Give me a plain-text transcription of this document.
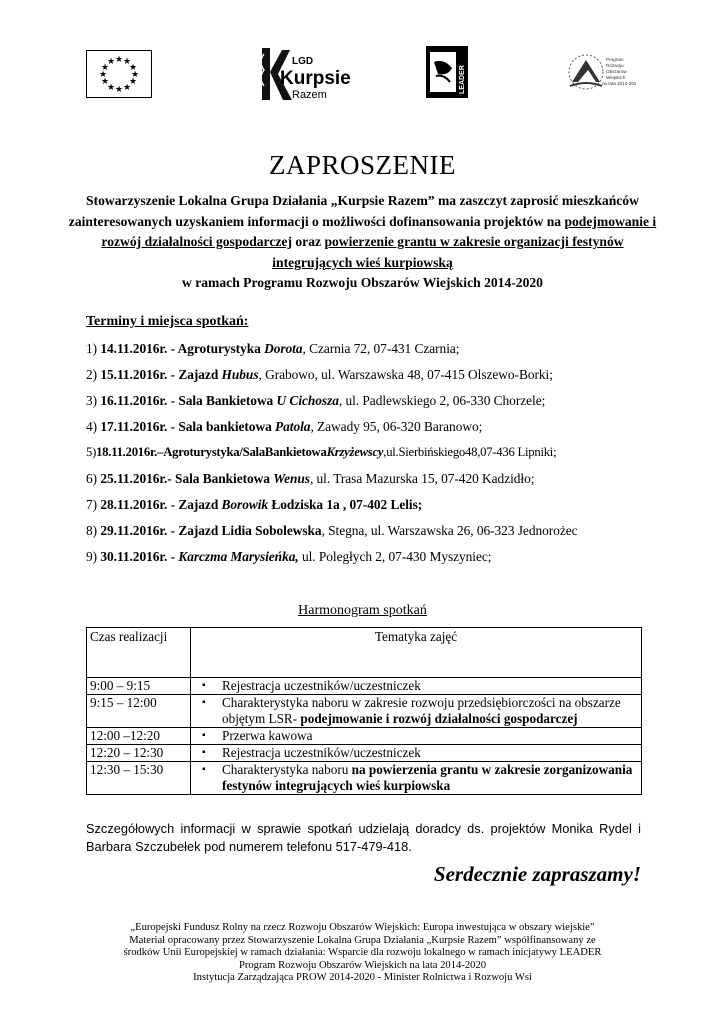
★ ★
★
★
★
★
★
★
★
★
★
★	LGD
Kurpsie
Razem
LEADER
Program
Rozwoju
Obszarów
Wiejskich
na lata 2014-2020
ZAPROSZENIE

Stowarzyszenie Lokalna Grupa Działania „Kurpsie Razem” ma zaszczyt zaprosić mieszkańców zainteresowanych uzyskaniem informacji o możliwości dofinansowania projektów na podejmowanie i rozwój działalności gospodarczej oraz powierzenie grantu w zakresie organizacji festynów integrujących wieś kurpiowską
w ramach Programu Rozwoju Obszarów Wiejskich 2014-2020

Terminy i miejsca spotkań:

1) 14.11.2016r. - Agroturystyka Dorota, Czarnia 72, 07-431 Czarnia;
2) 15.11.2016r. - Zajazd Hubus, Grabowo, ul. Warszawska 48, 07-415 Olszewo-Borki;
3) 16.11.2016r. - Sala Bankietowa U Cichosza, ul. Padlewskiego 2, 06-330 Chorzele;
4) 17.11.2016r. - Sala bankietowa Patola, Zawady 95, 06-320 Baranowo;
5)18.11.2016r.–Agroturystyka/SalaBankietowaKrzyżewscy,ul.Sierbińskiego48,07-436 Lipniki;
6) 25.11.2016r.- Sala Bankietowa Wenus, ul. Trasa Mazurska 15, 07-420 Kadzidło;
7) 28.11.2016r. - Zajazd Borowik Łodziska 1a , 07-402 Lelis;
8) 29.11.2016r. - Zajazd Lidia Sobolewska, Stegna, ul. Warszawska 26, 06-323 Jednorożec
9) 30.11.2016r. - Karczma Marysieńka, ul. Poległych 2, 07-430 Myszyniec;
Harmonogram spotkań
Czas realizacji	Tematyka zajęć
9:00 – 9:15	▪ Rejestracja uczestników/uczestniczek

9:15 – 12:00	▪ Charakterystyka naboru w zakresie rozwoju przedsiębiorczości na obszarze objętym LSR- podejmowanie i rozwój działalności gospodarczej

12:00 –12:20	▪ Przerwa kawowa

12:20 – 12:30	▪ Rejestracja uczestników/uczestniczek

12:30 – 15:30	▪ Charakterystyka naboru na powierzenia grantu w zakresie zorganizowania festynów integrujących wieś kurpiowska

Szczegółowych informacji w sprawie spotkań udzielają doradcy ds. projektów Monika Rydel i Barbara Szczubełek pod numerem telefonu 517-479-418.

Serdecznie zapraszamy!

„Europejski Fundusz Rolny na rzecz Rozwoju Obszarów Wiejskich: Europa inwestująca w obszary wiejskie”
Materiał opracowany przez Stowarzyszenie Lokalna Grupa Działania „Kurpsie Razem” współfinansowany ze
środków Unii Europejskiej w ramach działania: Wsparcie dla rozwoju lokalnego w ramach inicjatywy LEADER
Program Rozwoju Obszarów Wiejskich na lata 2014-2020
Instytucja Zarządzająca PROW 2014-2020 - Minister Rolnictwa i Rozwoju Wsi
